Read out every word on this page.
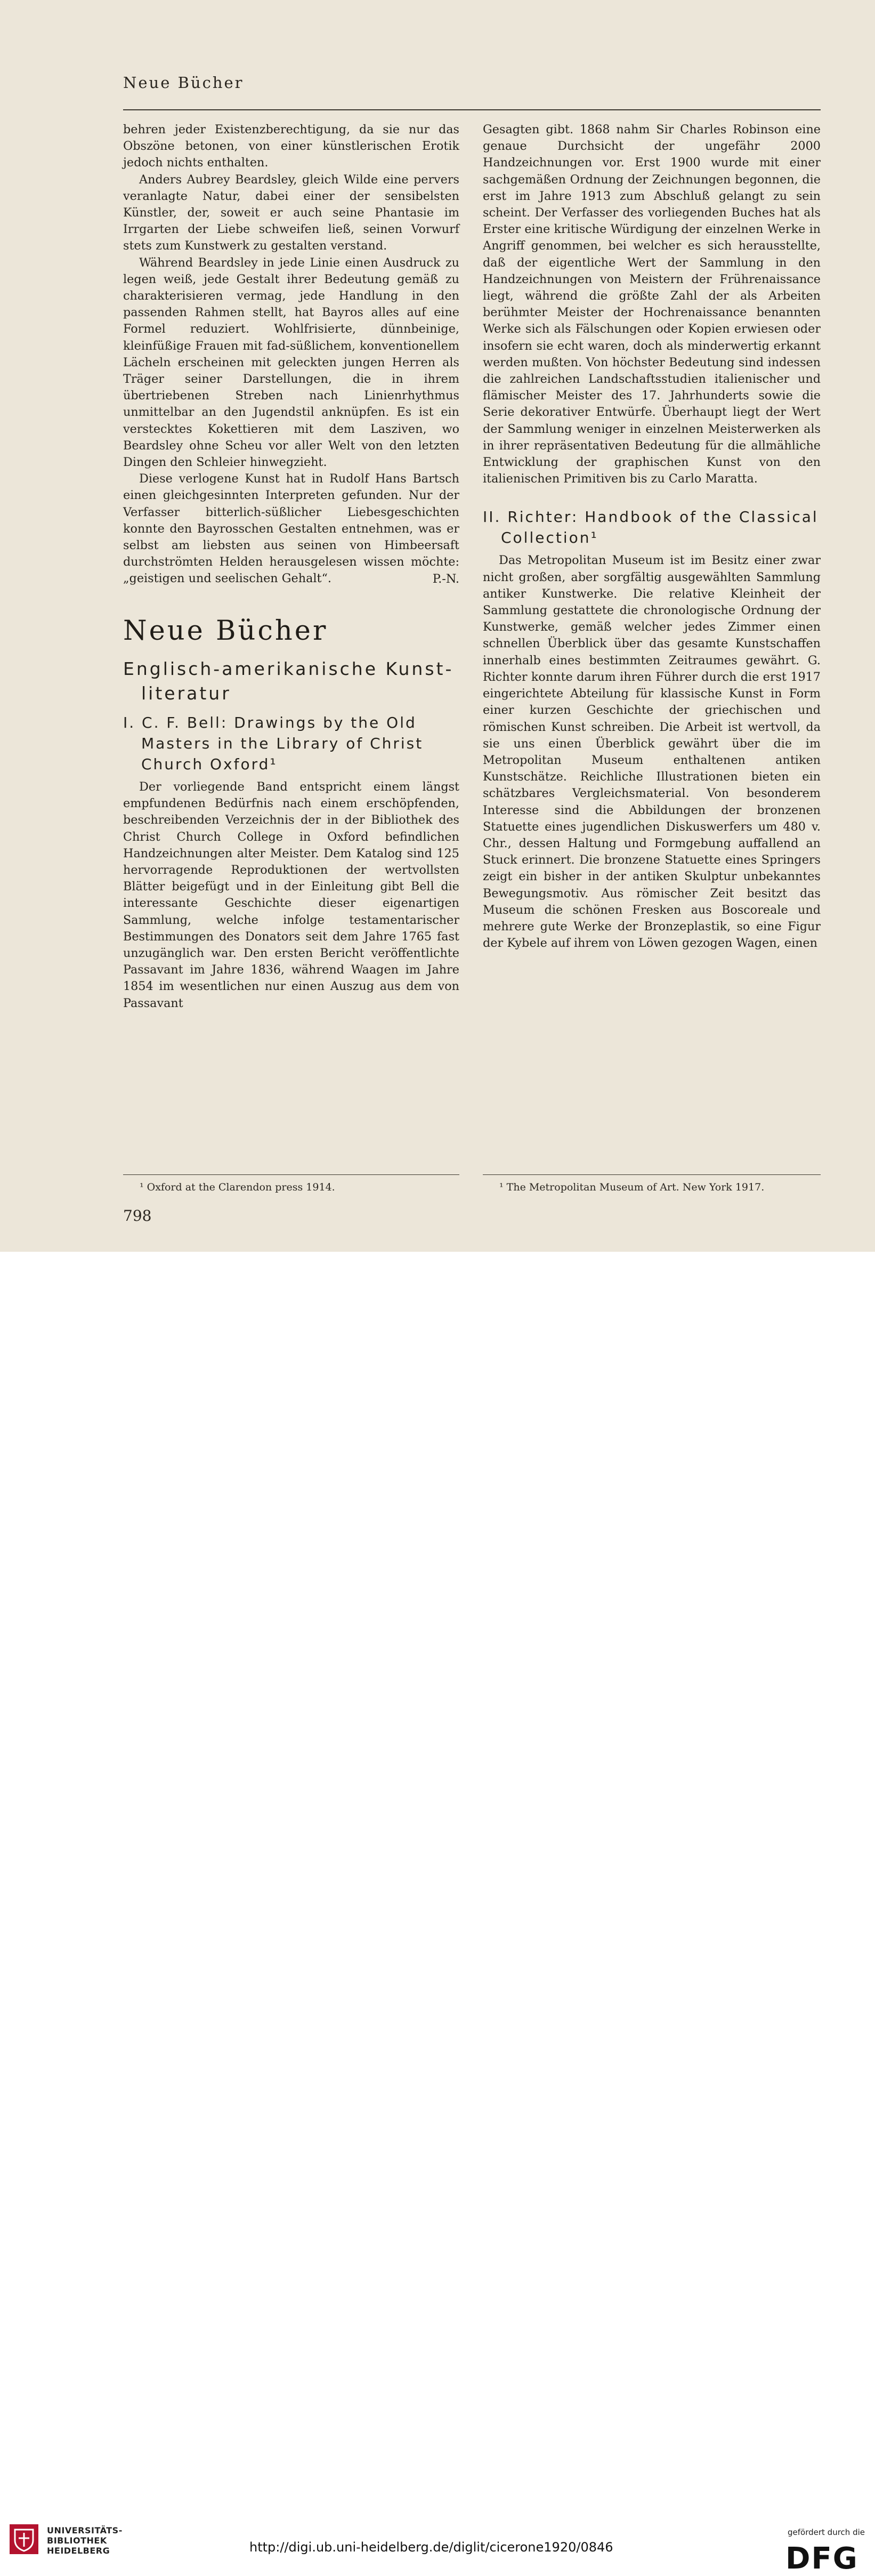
Neue Bücher

behren jeder Existenzberechtigung, da sie nur das Obszöne betonen, von einer künstlerischen Erotik jedoch nichts enthalten.

Anders Aubrey Beardsley, gleich Wilde eine pervers veranlagte Natur, dabei einer der sensibelsten Künstler, der, soweit er auch seine Phantasie im Irrgarten der Liebe schweifen ließ, seinen Vorwurf stets zum Kunstwerk zu gestalten verstand.

Während Beardsley in jede Linie einen Ausdruck zu legen weiß, jede Gestalt ihrer Bedeutung gemäß zu charakterisieren vermag, jede Handlung in den passenden Rahmen stellt, hat Bayros alles auf eine Formel reduziert. Wohlfrisierte, dünnbeinige, kleinfüßige Frauen mit fad-süßlichem, konventionellem Lächeln erscheinen mit geleckten jungen Herren als Träger seiner Darstellungen, die in ihrem übertriebenen Streben nach Linienrhythmus unmittelbar an den Jugendstil anknüpfen. Es ist ein verstecktes Kokettieren mit dem Lasziven, wo Beardsley ohne Scheu vor aller Welt von den letzten Dingen den Schleier hinwegzieht.

Diese verlogene Kunst hat in Rudolf Hans Bartsch einen gleichgesinnten Interpreten gefunden. Nur der Verfasser bitterlich-süßlicher Liebesgeschichten konnte den Bayrosschen Gestalten entnehmen, was er selbst am liebsten aus seinen von Himbeersaft durchströmten Helden herausgelesen wissen möchte: „geistigen und seelischen Gehalt“.	P.-N.
Neue Bücher
Englisch-amerikanische Kunst-
literatur
I. C. F. Bell: Drawings by the Old
Masters in the Library of Christ
Church Oxford¹

Der vorliegende Band entspricht einem längst empfundenen Bedürfnis nach einem erschöpfenden, beschreibenden Verzeichnis der in der Bibliothek des Christ Church College in Oxford befindlichen Handzeichnungen alter Meister. Dem Katalog sind 125 hervorragende Reproduktionen der wertvollsten Blätter beigefügt und in der Einleitung gibt Bell die interessante Geschichte dieser eigenartigen Sammlung, welche infolge testamentarischer Bestimmungen des Donators seit dem Jahre 1765 fast unzugänglich war. Den ersten Bericht veröffentlichte Passavant im Jahre 1836, während Waagen im Jahre 1854 im wesentlichen nur einen Auszug aus dem von Passavant

Gesagten gibt. 1868 nahm Sir Charles Robinson eine genaue Durchsicht der ungefähr 2000 Handzeichnungen vor. Erst 1900 wurde mit einer sachgemäßen Ordnung der Zeichnungen begonnen, die erst im Jahre 1913 zum Abschluß gelangt zu sein scheint. Der Verfasser des vorliegenden Buches hat als Erster eine kritische Würdigung der einzelnen Werke in Angriff genommen, bei welcher es sich herausstellte, daß der eigentliche Wert der Sammlung in den Handzeichnungen von Meistern der Frührenaissance liegt, während die größte Zahl der als Arbeiten berühmter Meister der Hochrenaissance benannten Werke sich als Fälschungen oder Kopien erwiesen oder insofern sie echt waren, doch als minderwertig erkannt werden mußten. Von höchster Bedeutung sind indessen die zahlreichen Landschaftsstudien italienischer und flämischer Meister des 17. Jahrhunderts sowie die Serie dekorativer Entwürfe. Überhaupt liegt der Wert der Sammlung weniger in einzelnen Meisterwerken als in ihrer repräsentativen Bedeutung für die allmähliche Entwicklung der graphischen Kunst von den italienischen Primitiven bis zu Carlo Maratta.

II. Richter: Handbook of the Classical
Collection¹

Das Metropolitan Museum ist im Besitz einer zwar nicht großen, aber sorgfältig ausgewählten Sammlung antiker Kunstwerke. Die relative Kleinheit der Sammlung gestattete die chronologische Ordnung der Kunstwerke, gemäß welcher jedes Zimmer einen schnellen Überblick über das gesamte Kunstschaffen innerhalb eines bestimmten Zeitraumes gewährt. G. Richter konnte darum ihren Führer durch die erst 1917 eingerichtete Abteilung für klassische Kunst in Form einer kurzen Geschichte der griechischen und römischen Kunst schreiben. Die Arbeit ist wertvoll, da sie uns einen Überblick gewährt über die im Metropolitan Museum enthaltenen antiken Kunstschätze. Reichliche Illustrationen bieten ein schätzbares Vergleichsmaterial. Von besonderem Interesse sind die Abbildungen der bronzenen Statuette eines jugendlichen Diskuswerfers um 480 v. Chr., dessen Haltung und Formgebung auffallend an Stuck erinnert. Die bronzene Statuette eines Springers zeigt ein bisher in der antiken Skulptur unbekanntes Bewegungsmotiv. Aus römischer Zeit besitzt das Museum die schönen Fresken aus Boscoreale und mehrere gute Werke der Bronzeplastik, so eine Figur der Kybele auf ihrem von Löwen gezogen Wagen, einen

¹ Oxford at the Clarendon press 1914.	¹ The Metropolitan Museum of Art. New York 1917.
798
UNIVERSITÄTS-
BIBLIOTHEK
HEIDELBERG	http://digi.ub.uni-heidelberg.de/diglit/cicerone1920/0846
gefördert durch die
DFG
